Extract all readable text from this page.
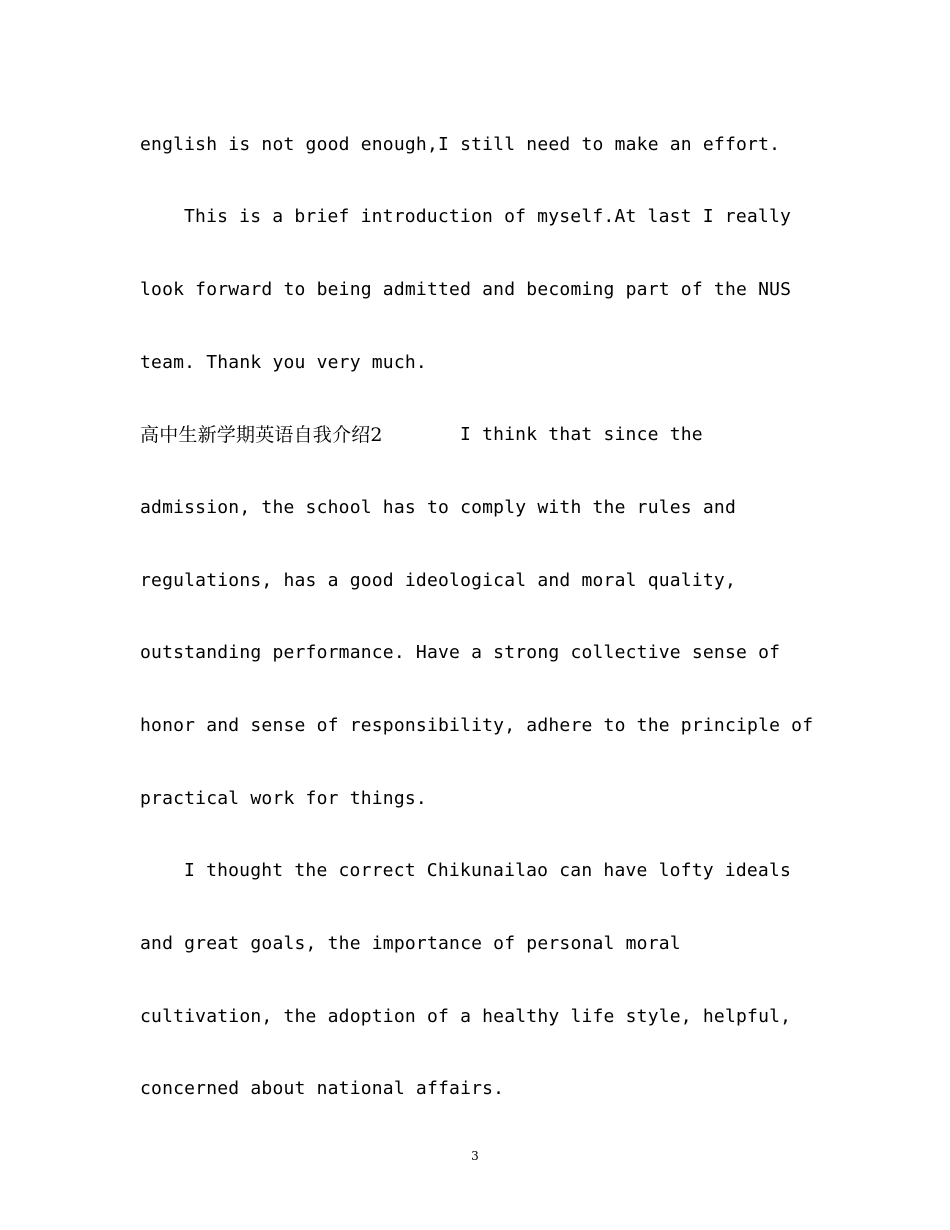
english is not good enough,I still need to make an effort.
This is a brief introduction of myself.At last I really
look forward to being admitted and becoming part of the NUS
team. Thank you very much.
高中生新学期英语自我介绍2	I think that since the
admission, the school has to comply with the rules and
regulations, has a good ideological and moral quality,
outstanding performance. Have a strong collective sense of
honor and sense of responsibility, adhere to the principle of
practical work for things.
I thought the correct Chikunailao can have lofty ideals
and great goals, the importance of personal moral
cultivation, the adoption of a healthy life style, helpful,
concerned about national affairs.
3
